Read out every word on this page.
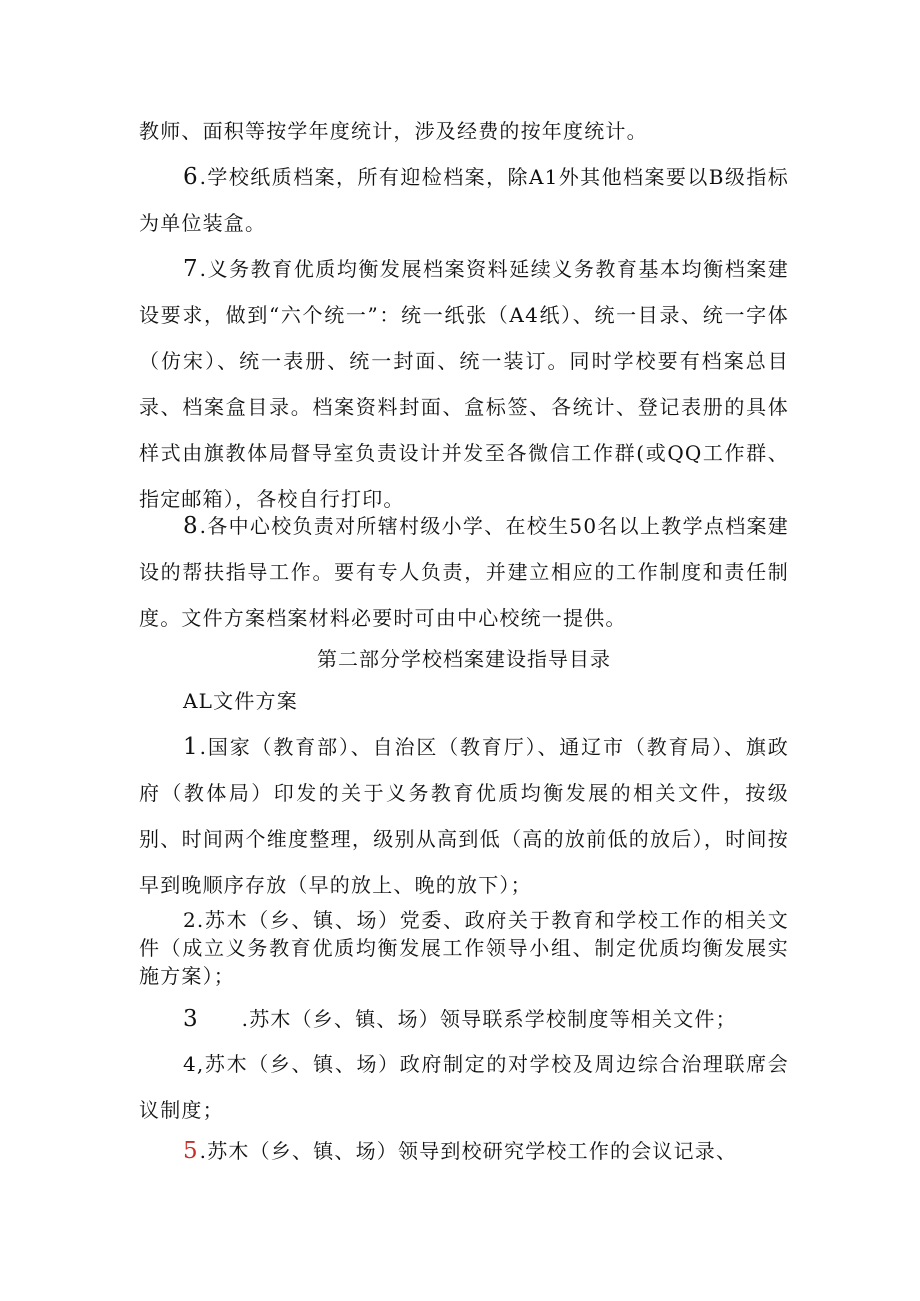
教师、面积等按学年度统计，涉及经费的按年度统计。

6.学校纸质档案，所有迎检档案，除A1外其他档案要以B级指标为单位装盒。

7.义务教育优质均衡发展档案资料延续义务教育基本均衡档案建设要求，做到“六个统一”：统一纸张（A4纸）、统一目录、统一字体（仿宋）、统一表册、统一封面、统一装订。同时学校要有档案总目录、档案盒目录。档案资料封面、盒标签、各统计、登记表册的具体样式由旗教体局督导室负责设计并发至各微信工作群(或QQ工作群、指定邮箱），各校自行打印。

8.各中心校负责对所辖村级小学、在校生50名以上教学点档案建设的帮扶指导工作。要有专人负责，并建立相应的工作制度和责任制度。文件方案档案材料必要时可由中心校统一提供。

第二部分学校档案建设指导目录

AL文件方案

1.国家（教育部）、自治区（教育厅）、通辽市（教育局）、旗政府（教体局）印发的关于义务教育优质均衡发展的相关文件，按级别、时间两个维度整理，级别从高到低（高的放前低的放后），时间按早到晚顺序存放（早的放上、晚的放下）；

2.苏木（乡、镇、场）党委、政府关于教育和学校工作的相关文件（成立义务教育优质均衡发展工作领导小组、制定优质均衡发展实施方案）；

3 .苏木（乡、镇、场）领导联系学校制度等相关文件；

4,苏木（乡、镇、场）政府制定的对学校及周边综合治理联席会议制度；

5.苏木（乡、镇、场）领导到校研究学校工作的会议记录、
